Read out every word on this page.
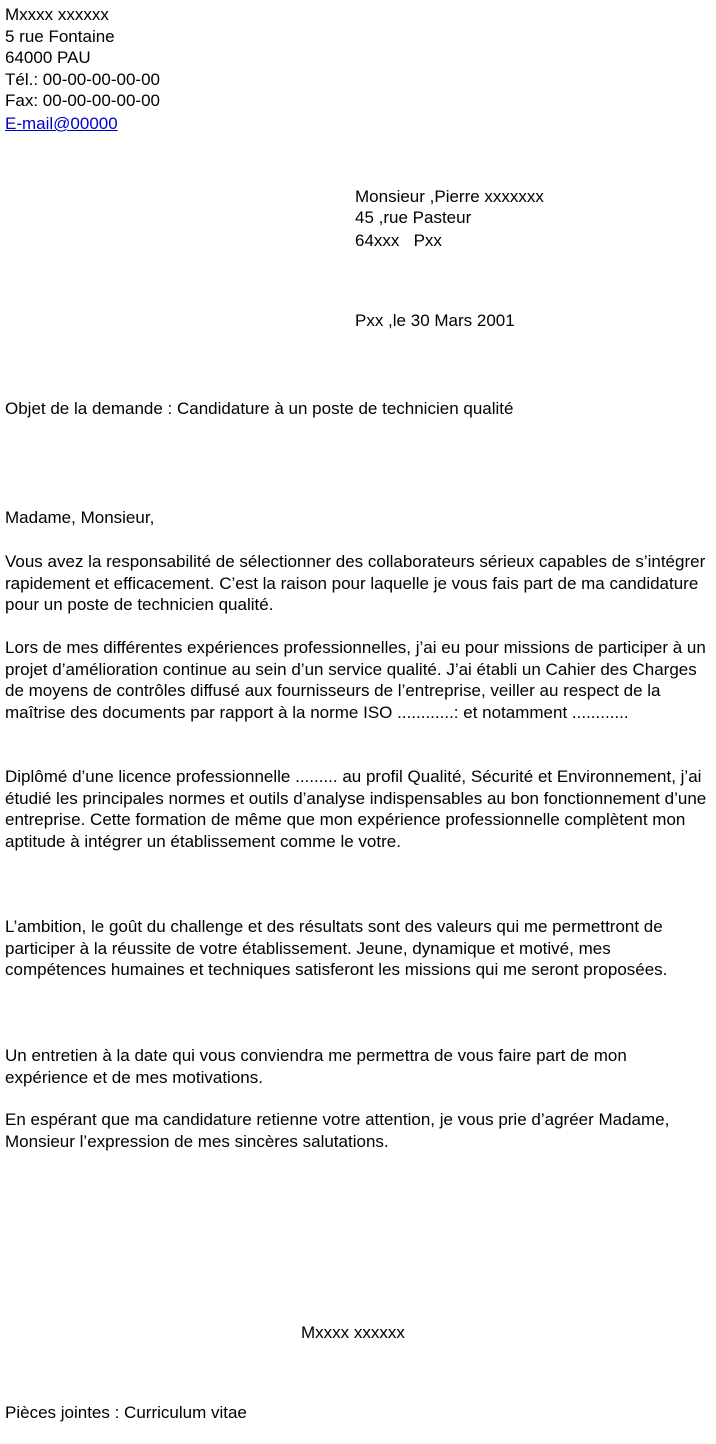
Mxxxx xxxxxx

5 rue Fontaine

64000 PAU

Tél.: 00-00-00-00-00

Fax: 00-00-00-00-00

E-mail@00000

Monsieur ,Pierre xxxxxxx

45 ,rue Pasteur

64xxx   Pxx

Pxx ,le 30 Mars 2001

Objet de la demande : Candidature à un poste de technicien qualité

Madame, Monsieur,

Vous avez la responsabilité de sélectionner des collaborateurs sérieux capables de s’intégrer rapidement et efficacement. C’est la raison pour laquelle je vous fais part de ma candidature pour un poste de technicien qualité.

Lors de mes différentes expériences professionnelles, j’ai eu pour missions de participer à un projet d’amélioration continue au sein d’un service qualité. J’ai établi un Cahier des Charges de moyens de contrôles diffusé aux fournisseurs de l’entreprise, veiller au respect de la maîtrise des documents par rapport à la norme ISO ............: et notamment ............

Diplômé d’une licence professionnelle ......... au profil Qualité, Sécurité et Environnement, j’ai étudié les principales normes et outils d’analyse indispensables au bon fonctionnement d’une entreprise. Cette formation de même que mon expérience professionnelle complètent mon aptitude à intégrer un établissement comme le votre.

L’ambition, le goût du challenge et des résultats sont des valeurs qui me permettront de participer à la réussite de votre établissement. Jeune, dynamique et motivé, mes compétences humaines et techniques satisferont les missions qui me seront proposées.

Un entretien à la date qui vous conviendra me permettra de vous faire part de mon expérience et de mes motivations.

En espérant que ma candidature retienne votre attention, je vous prie d’agréer Madame, Monsieur l’expression de mes sincères salutations.

Mxxxx xxxxxx

Pièces jointes : Curriculum vitae
